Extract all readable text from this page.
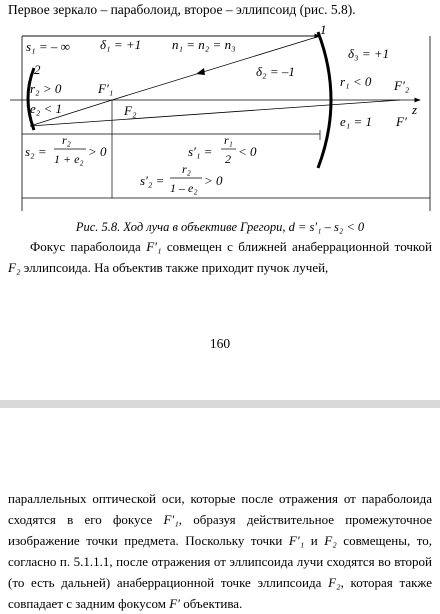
Первое зеркало – параболоид, второе – эллипсоид (рис. 5.8).
s₁ = – ∞ δ₁ = +1 n₁ = n₂ = n₃
1
δ₃ = +1
2	δ₂ = –1
r₂ > 0
e₂ < 1
F′₁
F₂
r₁ < 0 F′₂
z
e₁ = 1 F′
s₂ =
r₂
1 + e₂ > 0	s′₁ =
r₁
2 < 0
s′₂ =
r₂
1 – e₂ > 0
Рис. 5.8. Ход луча в объективе Грегори, d = s′₁ – s₂ < 0
Фокус параболоида F′₁ совмещен с ближней анаберрационной точкой F₂ эллипсоида. На объектив также приходит пучок лучей,
160
параллельных оптической оси, которые после отражения от параболоида сходятся в его фокусе F′₁, образуя действительное промежуточное изображение точки предмета. Поскольку точки F′₁ и F₂ совмещены, то, согласно п. 5.1.1.1, после отражения от эллипсоида лучи сходятся во второй (то есть дальней) анаберрационной точке эллипсоида F₂, которая также совпадает с задним фокусом F′ объектива.
